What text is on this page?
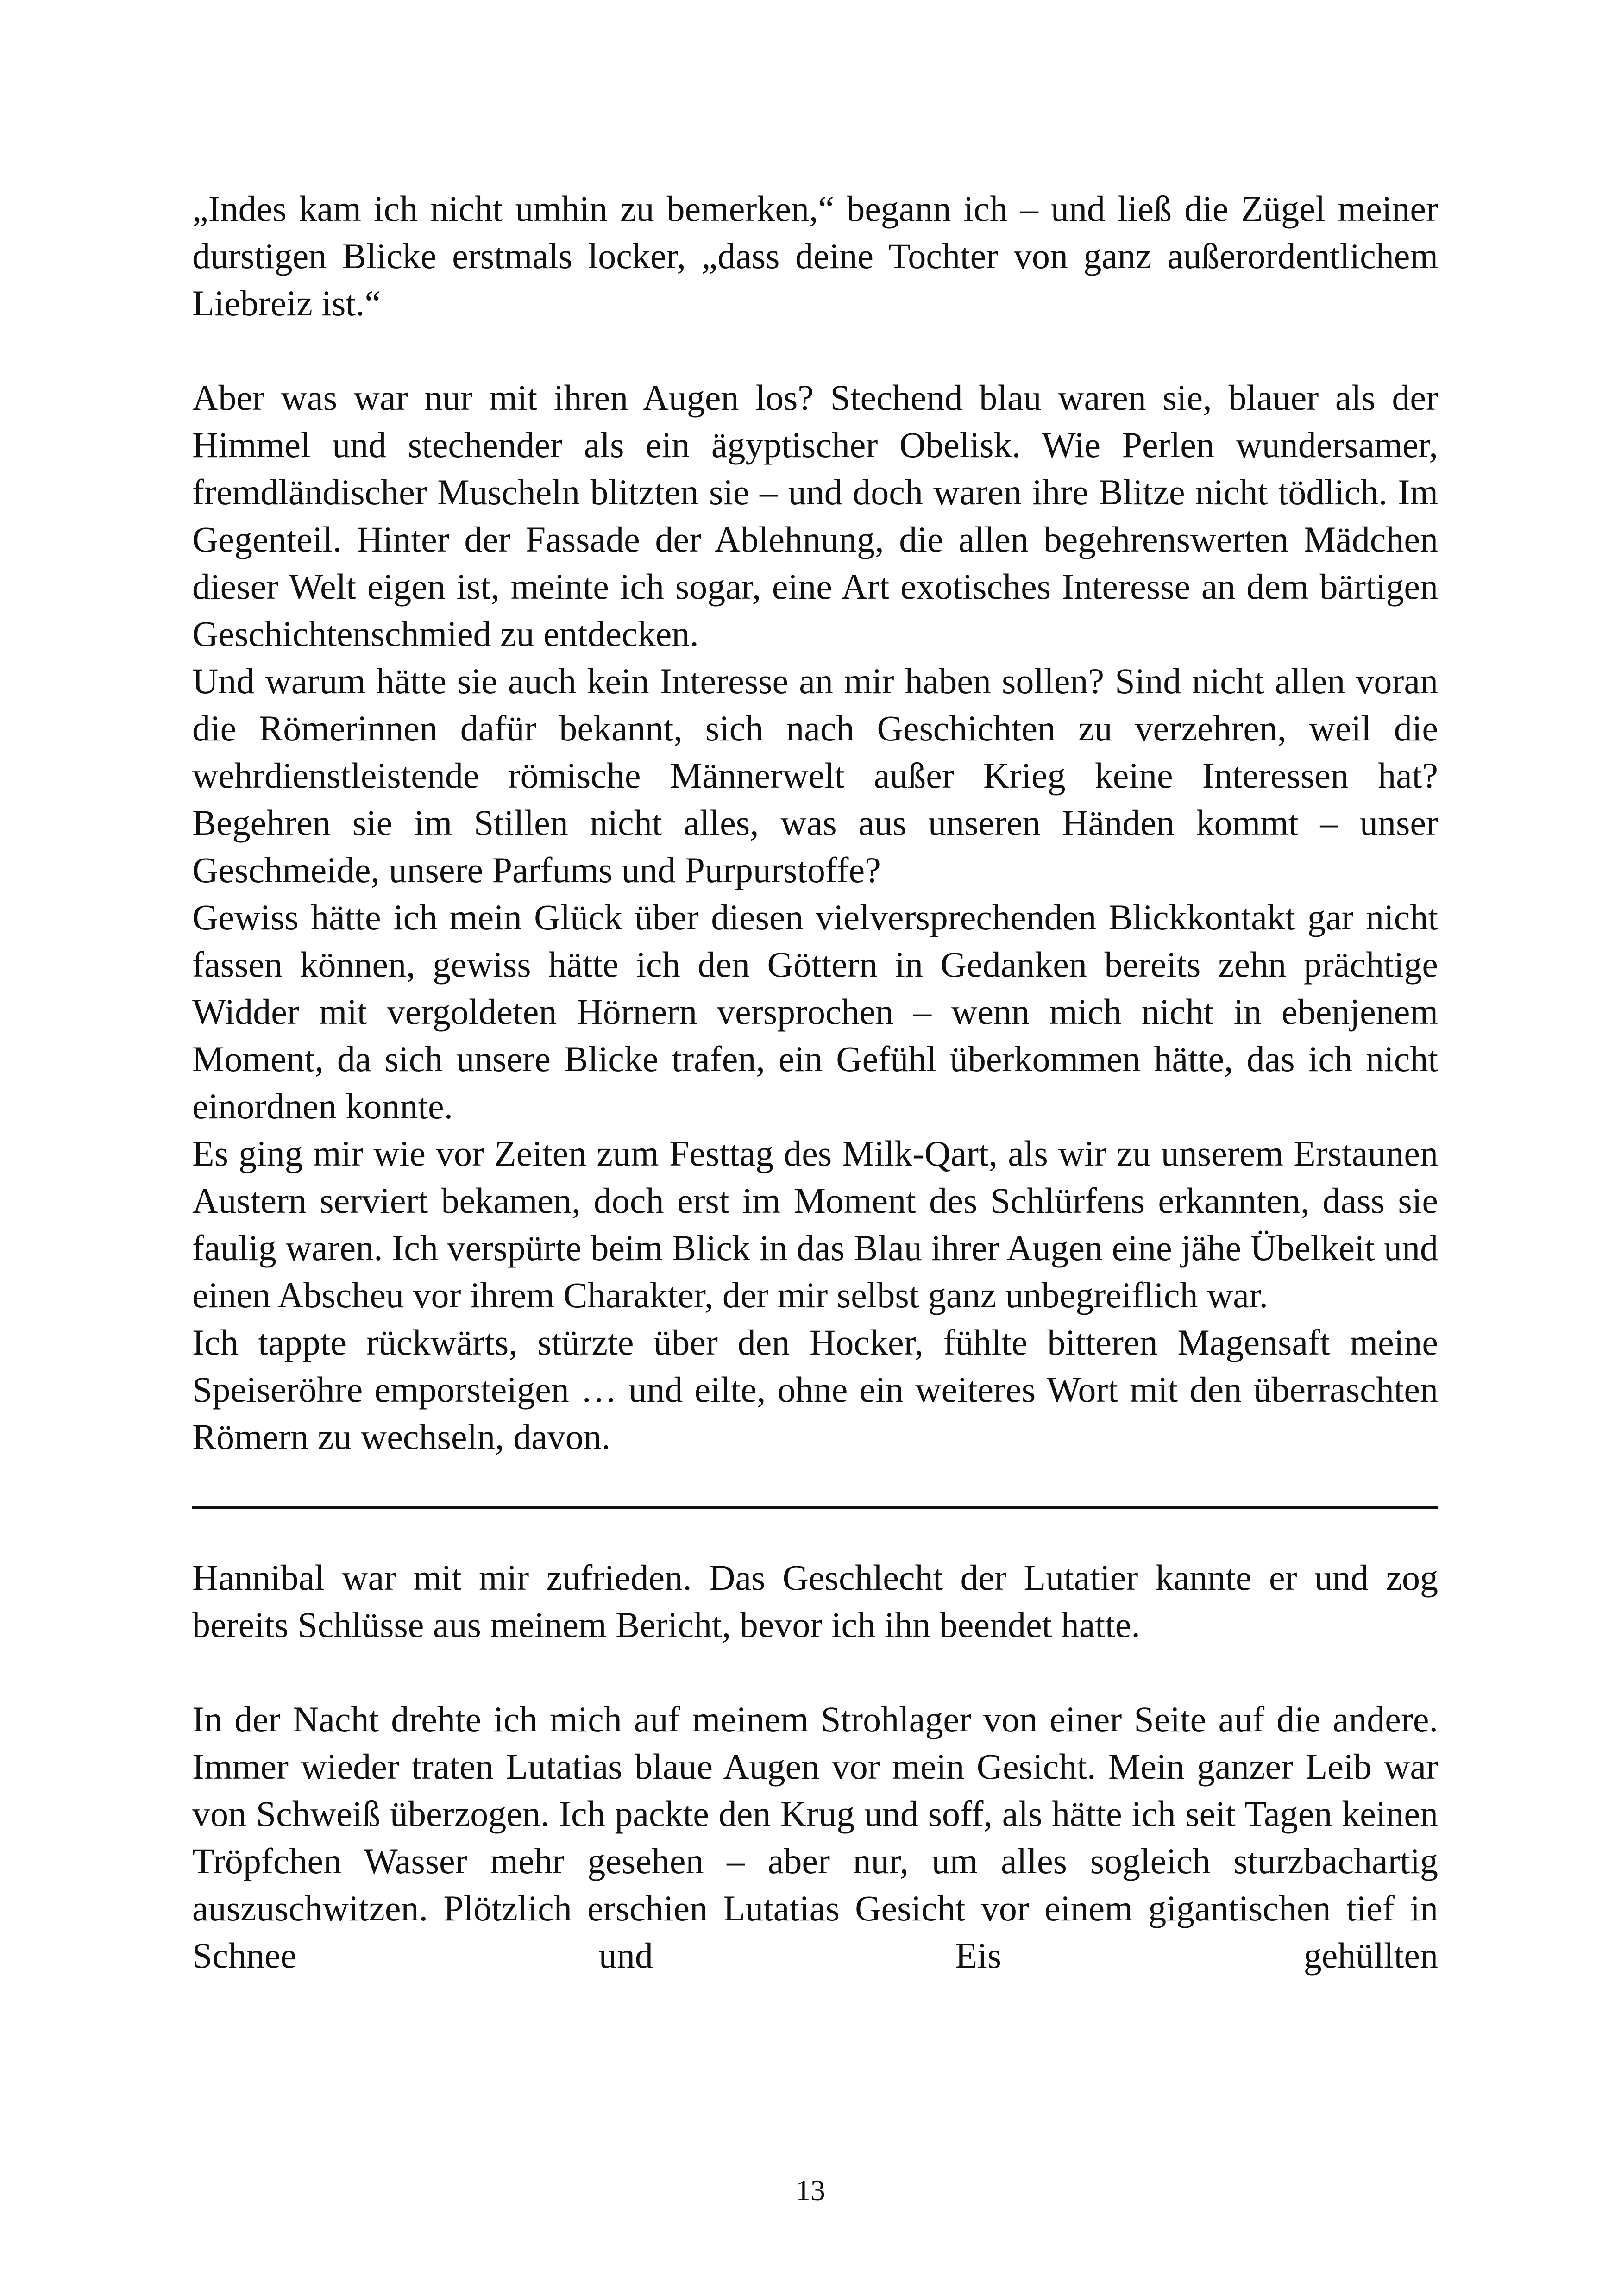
„Indes kam ich nicht umhin zu bemerken,“ begann ich – und ließ die Zügel meiner durstigen Blicke erstmals locker, „dass deine Tochter von ganz außerordentlichem Liebreiz ist.“

Aber was war nur mit ihren Augen los? Stechend blau waren sie, blauer als der Himmel und stechender als ein ägyptischer Obelisk. Wie Perlen wundersamer, fremdländischer Muscheln blitzten sie – und doch waren ihre Blitze nicht tödlich. Im Gegenteil. Hinter der Fassade der Ablehnung, die allen begehrenswerten Mädchen dieser Welt eigen ist, meinte ich sogar, eine Art exotisches Interesse an dem bärtigen Geschichtenschmied zu entdecken.

Und warum hätte sie auch kein Interesse an mir haben sollen? Sind nicht allen voran die Römerinnen dafür bekannt, sich nach Geschichten zu verzehren, weil die wehrdienstleistende römische Männerwelt außer Krieg keine Interessen hat? Begehren sie im Stillen nicht alles, was aus unseren Händen kommt – unser Geschmeide, unsere Parfums und Purpurstoffe?

Gewiss hätte ich mein Glück über diesen vielversprechenden Blickkontakt gar nicht fassen können, gewiss hätte ich den Göttern in Gedanken bereits zehn prächtige Widder mit vergoldeten Hörnern versprochen – wenn mich nicht in ebenjenem Moment, da sich unsere Blicke trafen, ein Gefühl überkommen hätte, das ich nicht einordnen konnte.

Es ging mir wie vor Zeiten zum Festtag des Milk-Qart, als wir zu unserem Erstaunen Austern serviert bekamen, doch erst im Moment des Schlürfens erkannten, dass sie faulig waren. Ich verspürte beim Blick in das Blau ihrer Augen eine jähe Übelkeit und einen Abscheu vor ihrem Charakter, der mir selbst ganz unbegreiflich war.

Ich tappte rückwärts, stürzte über den Hocker, fühlte bitteren Magensaft meine Speiseröhre emporsteigen … und eilte, ohne ein weiteres Wort mit den überraschten Römern zu wechseln, davon.

Hannibal war mit mir zufrieden. Das Geschlecht der Lutatier kannte er und zog bereits Schlüsse aus meinem Bericht, bevor ich ihn beendet hatte.

In der Nacht drehte ich mich auf meinem Strohlager von einer Seite auf die andere. Immer wieder traten Lutatias blaue Augen vor mein Gesicht. Mein ganzer Leib war von Schweiß überzogen. Ich packte den Krug und soff, als hätte ich seit Tagen keinen Tröpfchen Wasser mehr gesehen – aber nur, um alles sogleich sturzbachartig auszuschwitzen. Plötzlich erschien Lutatias Gesicht vor einem gigantischen tief in Schnee und Eis gehüllten

13
